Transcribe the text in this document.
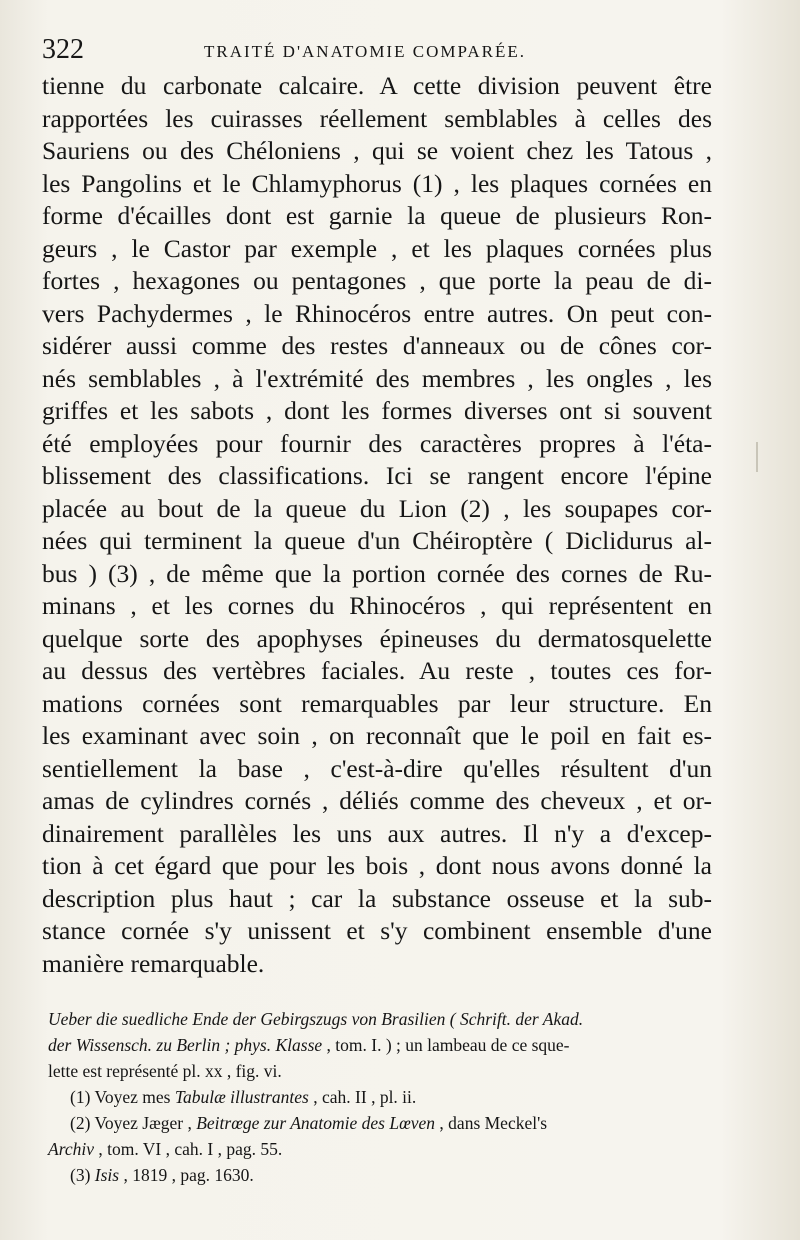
322	TRAITÉ D'ANATOMIE COMPARÉE.
tienne du carbonate calcaire. A cette division peuvent être
rapportées les cuirasses réellement semblables à celles des
Sauriens ou des Chéloniens , qui se voient chez les Tatous ,
les Pangolins et le Chlamyphorus (1) , les plaques cornées en
forme d'écailles dont est garnie la queue de plusieurs Ron-
geurs , le Castor par exemple , et les plaques cornées plus
fortes , hexagones ou pentagones , que porte la peau de di-
vers Pachydermes , le Rhinocéros entre autres. On peut con-
sidérer aussi comme des restes d'anneaux ou de cônes cor-
nés semblables , à l'extrémité des membres , les ongles , les
griffes et les sabots , dont les formes diverses ont si souvent
été employées pour fournir des caractères propres à l'éta-
blissement des classifications. Ici se rangent encore l'épine
placée au bout de la queue du Lion (2) , les soupapes cor-
nées qui terminent la queue d'un Chéiroptère ( Diclidurus al-
bus ) (3) , de même que la portion cornée des cornes de Ru-
minans , et les cornes du Rhinocéros , qui représentent en
quelque sorte des apophyses épineuses du dermatosquelette
au dessus des vertèbres faciales. Au reste , toutes ces for-
mations cornées sont remarquables par leur structure. En
les examinant avec soin , on reconnaît que le poil en fait es-
sentiellement la base , c'est-à-dire qu'elles résultent d'un
amas de cylindres cornés , déliés comme des cheveux , et or-
dinairement parallèles les uns aux autres. Il n'y a d'excep-
tion à cet égard que pour les bois , dont nous avons donné la
description plus haut ; car la substance osseuse et la sub-
stance cornée s'y unissent et s'y combinent ensemble d'une
manière remarquable.
Ueber die suedliche Ende der Gebirgszugs von Brasilien ( Schrift. der Akad.
der Wissensch. zu Berlin ; phys. Klasse , tom. I. ) ; un lambeau de ce sque-
lette est représenté pl. xx , fig. vi.
(1) Voyez mes Tabulæ illustrantes , cah. II , pl. ii.
(2) Voyez Jæger , Beitrœge zur Anatomie des Lœven , dans Meckel's
Archiv , tom. VI , cah. I , pag. 55.
(3) Isis , 1819 , pag. 1630.
